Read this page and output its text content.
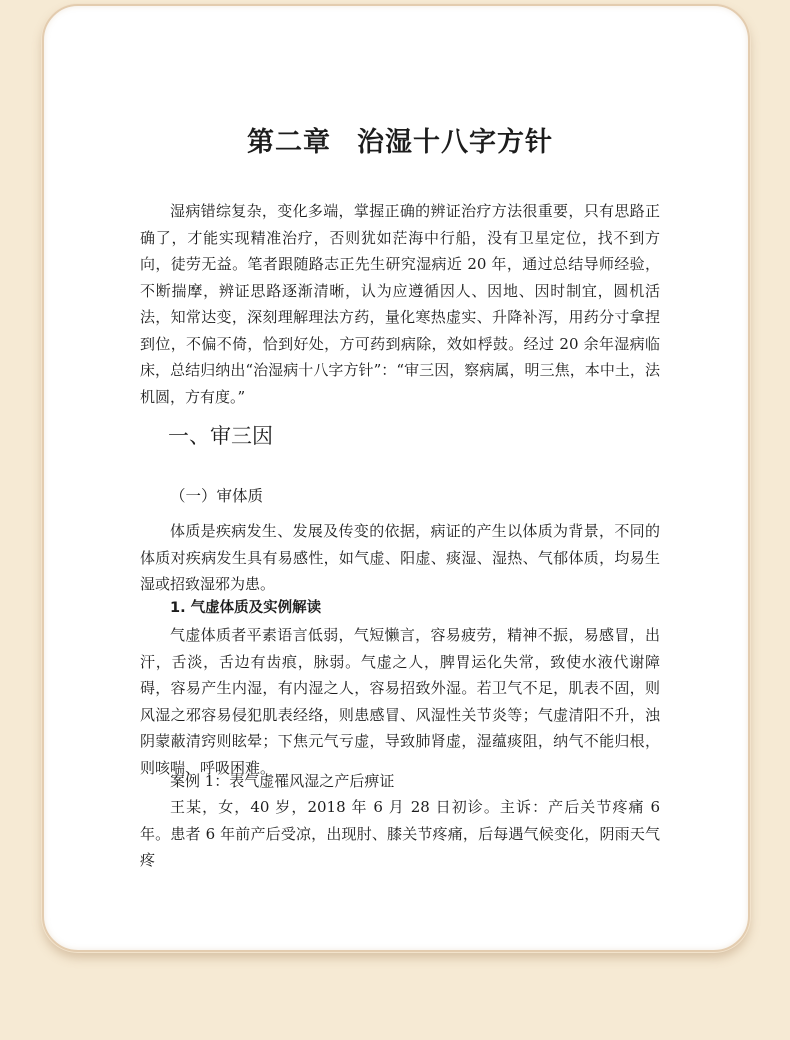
第二章 治湿十八字方针

湿病错综复杂，变化多端，掌握正确的辨证治疗方法很重要，只有思路正确了，才能实现精准治疗，否则犹如茫海中行船，没有卫星定位，找不到方向，徒劳无益。笔者跟随路志正先生研究湿病近 20 年，通过总结导师经验，不断揣摩，辨证思路逐渐清晰，认为应遵循因人、因地、因时制宜，圆机活法，知常达变，深刻理解理法方药，量化寒热虚实、升降补泻，用药分寸拿捏到位，不偏不倚，恰到好处，方可药到病除，效如桴鼓。经过 20 余年湿病临床，总结归纳出“治湿病十八字方针”：“审三因，察病属，明三焦，本中土，法机圆，方有度。”

一、审三因
（一）审体质

体质是疾病发生、发展及传变的依据，病证的产生以体质为背景，不同的体质对疾病发生具有易感性，如气虚、阳虚、痰湿、湿热、气郁体质，均易生湿或招致湿邪为患。

1. 气虚体质及实例解读

气虚体质者平素语言低弱，气短懒言，容易疲劳，精神不振，易感冒，出汗，舌淡，舌边有齿痕，脉弱。气虚之人，脾胃运化失常，致使水液代谢障碍，容易产生内湿，有内湿之人，容易招致外湿。若卫气不足，肌表不固，则风湿之邪容易侵犯肌表经络，则患感冒、风湿性关节炎等；气虚清阳不升，浊阴蒙蔽清窍则眩晕；下焦元气亏虚，导致肺肾虚，湿蕴痰阻，纳气不能归根，则咳喘、呼吸困难。

案例 1：表气虚罹风湿之产后痹证

王某，女，40 岁，2018 年 6 月 28 日初诊。主诉：产后关节疼痛 6 年。患者 6 年前产后受凉，出现肘、膝关节疼痛，后每遇气候变化，阴雨天气疼
